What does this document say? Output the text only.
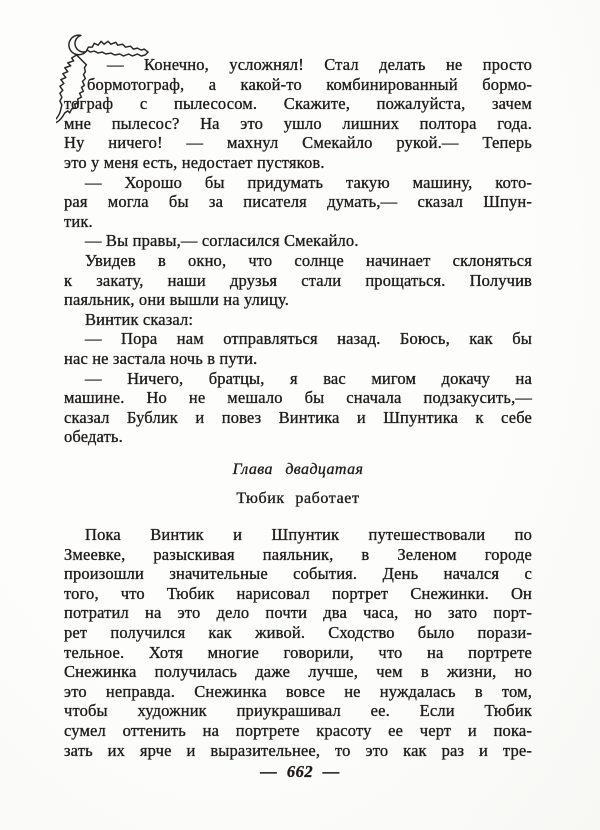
— Конечно, усложнял! Стал делать не просто
бормотограф, а какой-то комбинированный бормо-
тограф с пылесосом. Скажите, пожалуйста, зачем
мне пылесос? На это ушло лишних полтора года.
Ну ничего! — махнул Смекайло рукой.— Теперь
это у меня есть, недостает пустяков.

— Хорошо бы придумать такую машину, кото-
рая могла бы за писателя думать,— сказал Шпун-
тик.

— Вы правы,— согласился Смекайло.

Увидев в окно, что солнце начинает склоняться
к закату, наши друзья стали прощаться. Получив
паяльник, они вышли на улицу.

Винтик сказал:

— Пора нам отправляться назад. Боюсь, как бы
нас не застала ночь в пути.

— Ничего, братцы, я вас мигом докачу на
машине. Но не мешало бы сначала подзакусить,—
сказал Бублик и повез Винтика и Шпунтика к себе
обедать.

Глава двадцатая
Тюбик работает

Пока Винтик и Шпунтик путешествовали по
Змеевке, разыскивая паяльник, в Зеленом городе
произошли значительные события. День начался с
того, что Тюбик нарисовал портрет Снежинки. Он
потратил на это дело почти два часа, но зато порт-
рет получился как живой. Сходство было порази-
тельное. Хотя многие говорили, что на портрете
Снежинка получилась даже лучше, чем в жизни, но
это неправда. Снежинка вовсе не нуждалась в том,
чтобы художник приукрашивал ее. Если Тюбик
сумел оттенить на портрете красоту ее черт и пока-
зать их ярче и выразительнее, то это как раз и тре-

— 662 —
